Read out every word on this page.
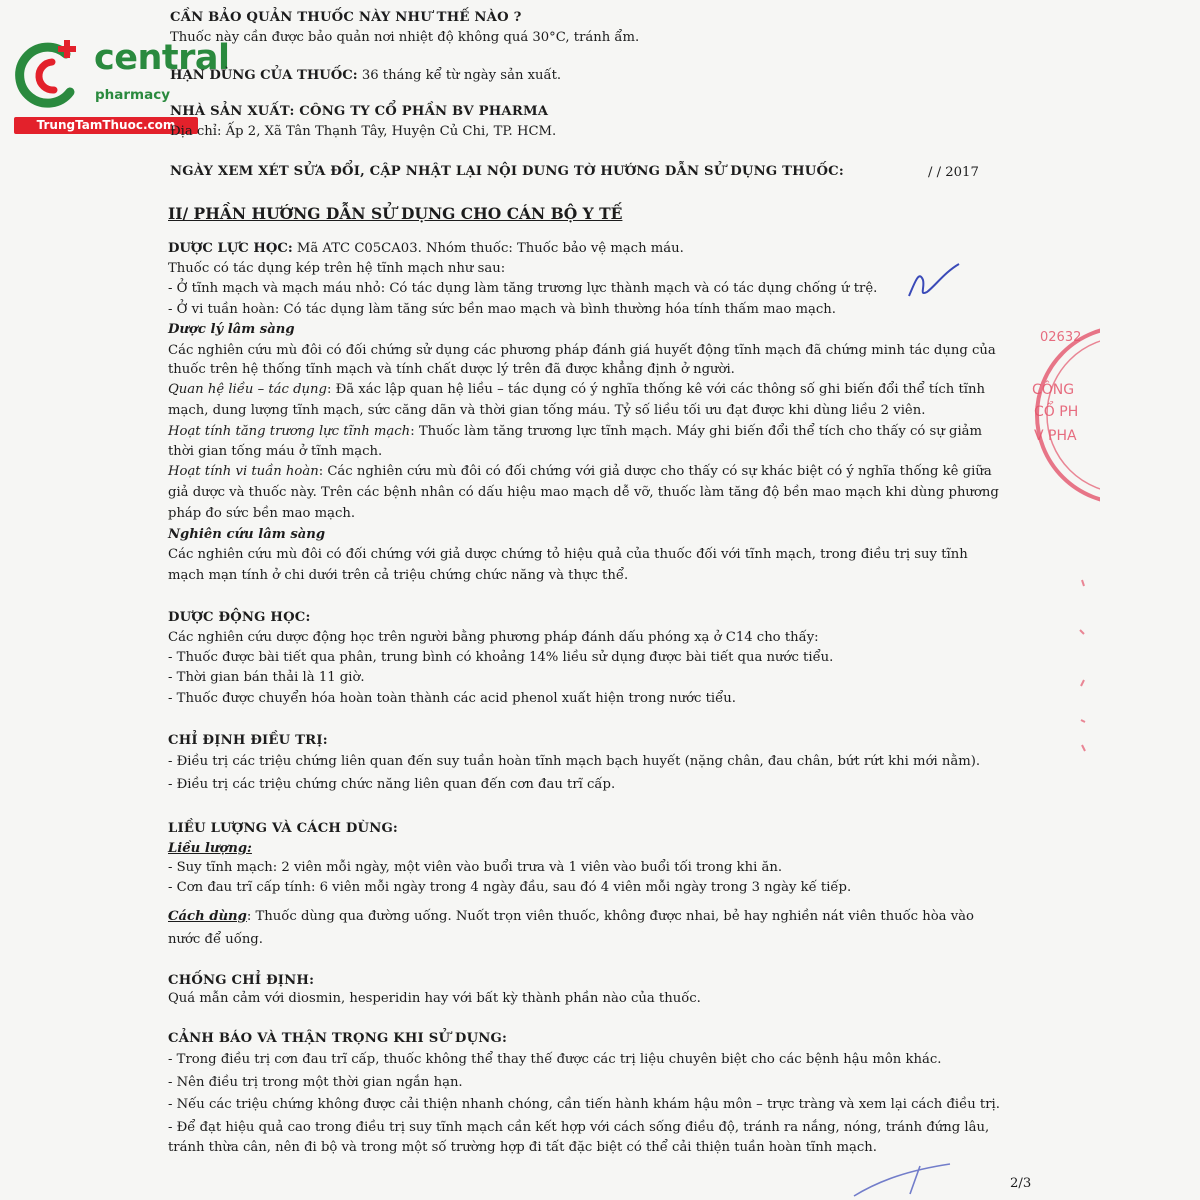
central
pharmacy
TrungTamThuoc.com
CẦN BẢO QUẢN THUỐC NÀY NHƯ THẾ NÀO ?
Thuốc này cần được bảo quản nơi nhiệt độ không quá 30°C, tránh ẩm.
HẠN DÙNG CỦA THUỐC: 36 tháng kể từ ngày sản xuất.
NHÀ SẢN XUẤT: CÔNG TY CỔ PHẦN BV PHARMA
Địa chỉ: Ấp 2, Xã Tân Thạnh Tây, Huyện Củ Chi, TP. HCM.
NGÀY XEM XÉT SỬA ĐỔI, CẬP NHẬT LẠI NỘI DUNG TỜ HƯỚNG DẪN SỬ DỤNG THUỐC:	/ / 2017
II/ PHẦN HƯỚNG DẪN SỬ DỤNG CHO CÁN BỘ Y TẾ
DƯỢC LỰC HỌC: Mã ATC C05CA03. Nhóm thuốc: Thuốc bảo vệ mạch máu.
Thuốc có tác dụng kép trên hệ tĩnh mạch như sau:
- Ở tĩnh mạch và mạch máu nhỏ: Có tác dụng làm tăng trương lực thành mạch và có tác dụng chống ứ trệ.
- Ở vi tuần hoàn: Có tác dụng làm tăng sức bền mao mạch và bình thường hóa tính thấm mao mạch.
Dược lý lâm sàng
Các nghiên cứu mù đôi có đối chứng sử dụng các phương pháp đánh giá huyết động tĩnh mạch đã chứng minh tác dụng của
thuốc trên hệ thống tĩnh mạch và tính chất dược lý trên đã được khẳng định ở người.
Quan hệ liều – tác dụng: Đã xác lập quan hệ liều – tác dụng có ý nghĩa thống kê với các thông số ghi biến đổi thể tích tĩnh
mạch, dung lượng tĩnh mạch, sức căng dãn và thời gian tống máu. Tỷ số liều tối ưu đạt được khi dùng liều 2 viên.
Hoạt tính tăng trương lực tĩnh mạch: Thuốc làm tăng trương lực tĩnh mạch. Máy ghi biến đổi thể tích cho thấy có sự giảm
thời gian tống máu ở tĩnh mạch.
Hoạt tính vi tuần hoàn: Các nghiên cứu mù đôi có đối chứng với giả dược cho thấy có sự khác biệt có ý nghĩa thống kê giữa
giả dược và thuốc này. Trên các bệnh nhân có dấu hiệu mao mạch dễ vỡ, thuốc làm tăng độ bền mao mạch khi dùng phương
pháp đo sức bền mao mạch.
Nghiên cứu lâm sàng
Các nghiên cứu mù đôi có đối chứng với giả dược chứng tỏ hiệu quả của thuốc đối với tĩnh mạch, trong điều trị suy tĩnh
mạch mạn tính ở chi dưới trên cả triệu chứng chức năng và thực thể.
DƯỢC ĐỘNG HỌC:
Các nghiên cứu dược động học trên người bằng phương pháp đánh dấu phóng xạ ở C14 cho thấy:
- Thuốc được bài tiết qua phân, trung bình có khoảng 14% liều sử dụng được bài tiết qua nước tiểu.
- Thời gian bán thải là 11 giờ.
- Thuốc được chuyển hóa hoàn toàn thành các acid phenol xuất hiện trong nước tiểu.
CHỈ ĐỊNH ĐIỀU TRỊ:
- Điều trị các triệu chứng liên quan đến suy tuần hoàn tĩnh mạch bạch huyết (nặng chân, đau chân, bứt rứt khi mới nằm).
- Điều trị các triệu chứng chức năng liên quan đến cơn đau trĩ cấp.
LIỀU LƯỢNG VÀ CÁCH DÙNG:
Liều lượng:
- Suy tĩnh mạch: 2 viên mỗi ngày, một viên vào buổi trưa và 1 viên vào buổi tối trong khi ăn.
- Cơn đau trĩ cấp tính: 6 viên mỗi ngày trong 4 ngày đầu, sau đó 4 viên mỗi ngày trong 3 ngày kế tiếp.
Cách dùng: Thuốc dùng qua đường uống. Nuốt trọn viên thuốc, không được nhai, bẻ hay nghiền nát viên thuốc hòa vào
nước để uống.
CHỐNG CHỈ ĐỊNH:
Quá mẫn cảm với diosmin, hesperidin hay với bất kỳ thành phần nào của thuốc.
CẢNH BÁO VÀ THẬN TRỌNG KHI SỬ DỤNG:
- Trong điều trị cơn đau trĩ cấp, thuốc không thể thay thế được các trị liệu chuyên biệt cho các bệnh hậu môn khác.
- Nên điều trị trong một thời gian ngắn hạn.
- Nếu các triệu chứng không được cải thiện nhanh chóng, cần tiến hành khám hậu môn – trực tràng và xem lại cách điều trị.
- Để đạt hiệu quả cao trong điều trị suy tĩnh mạch cần kết hợp với cách sống điều độ, tránh ra nắng, nóng, tránh đứng lâu,
tránh thừa cân, nên đi bộ và trong một số trường hợp đi tất đặc biệt có thể cải thiện tuần hoàn tĩnh mạch.
2/3
02632
CÔNG
CỔ PH
V PHA
